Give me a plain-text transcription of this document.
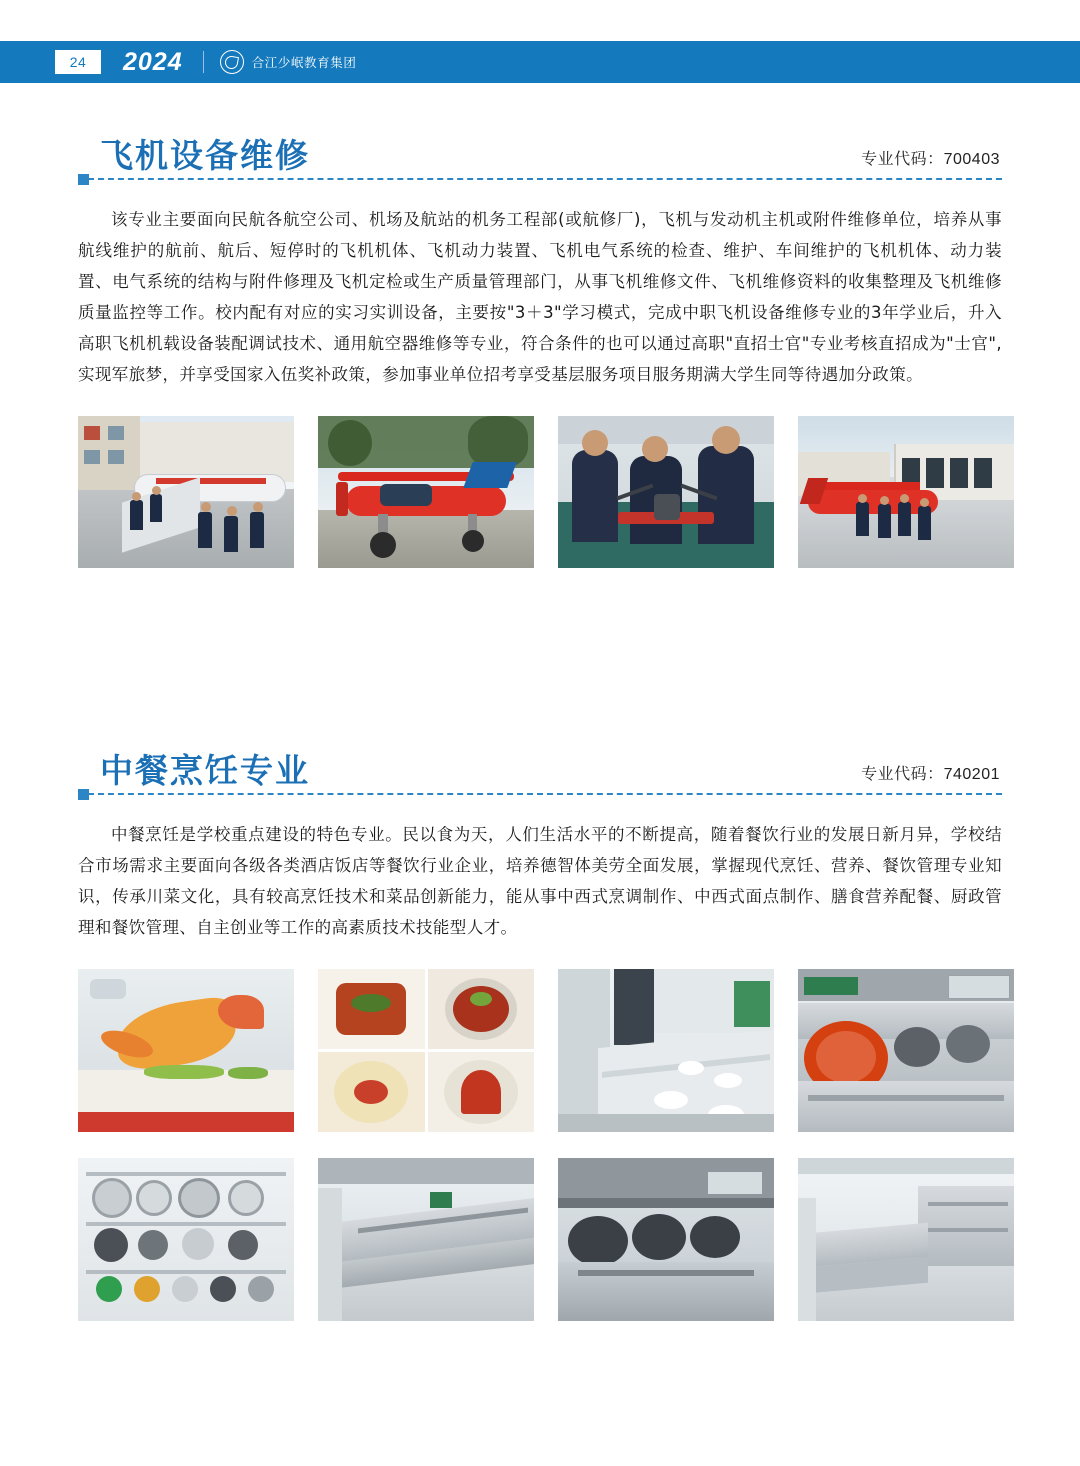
24	2024	合江少岷教育集团
飞机设备维修	专业代码：700403
该专业主要面向民航各航空公司、机场及航站的机务工程部(或航修厂)，飞机与发动机主机或附件维修单位，培养从事航线维护的航前、航后、短停时的飞机机体、飞机动力装置、飞机电气系统的检查、维护、车间维护的飞机机体、动力装置、电气系统的结构与附件修理及飞机定检或生产质量管理部门，从事飞机维修文件、飞机维修资料的收集整理及飞机维修质量监控等工作。校内配有对应的实习实训设备，主要按"3＋3"学习模式，完成中职飞机设备维修专业的3年学业后，升入高职飞机机载设备装配调试技术、通用航空器维修等专业，符合条件的也可以通过高职"直招士官"专业考核直招成为"士官",实现军旅梦，并享受国家入伍奖补政策，参加事业单位招考享受基层服务项目服务期满大学生同等待遇加分政策。
中餐烹饪专业	专业代码：740201
中餐烹饪是学校重点建设的特色专业。民以食为天，人们生活水平的不断提高，随着餐饮行业的发展日新月异，学校结合市场需求主要面向各级各类酒店饭店等餐饮行业企业，培养德智体美劳全面发展，掌握现代烹饪、营养、餐饮管理专业知识，传承川菜文化，具有较高烹饪技术和菜品创新能力，能从事中西式烹调制作、中西式面点制作、膳食营养配餐、厨政管理和餐饮管理、自主创业等工作的高素质技术技能型人才。
